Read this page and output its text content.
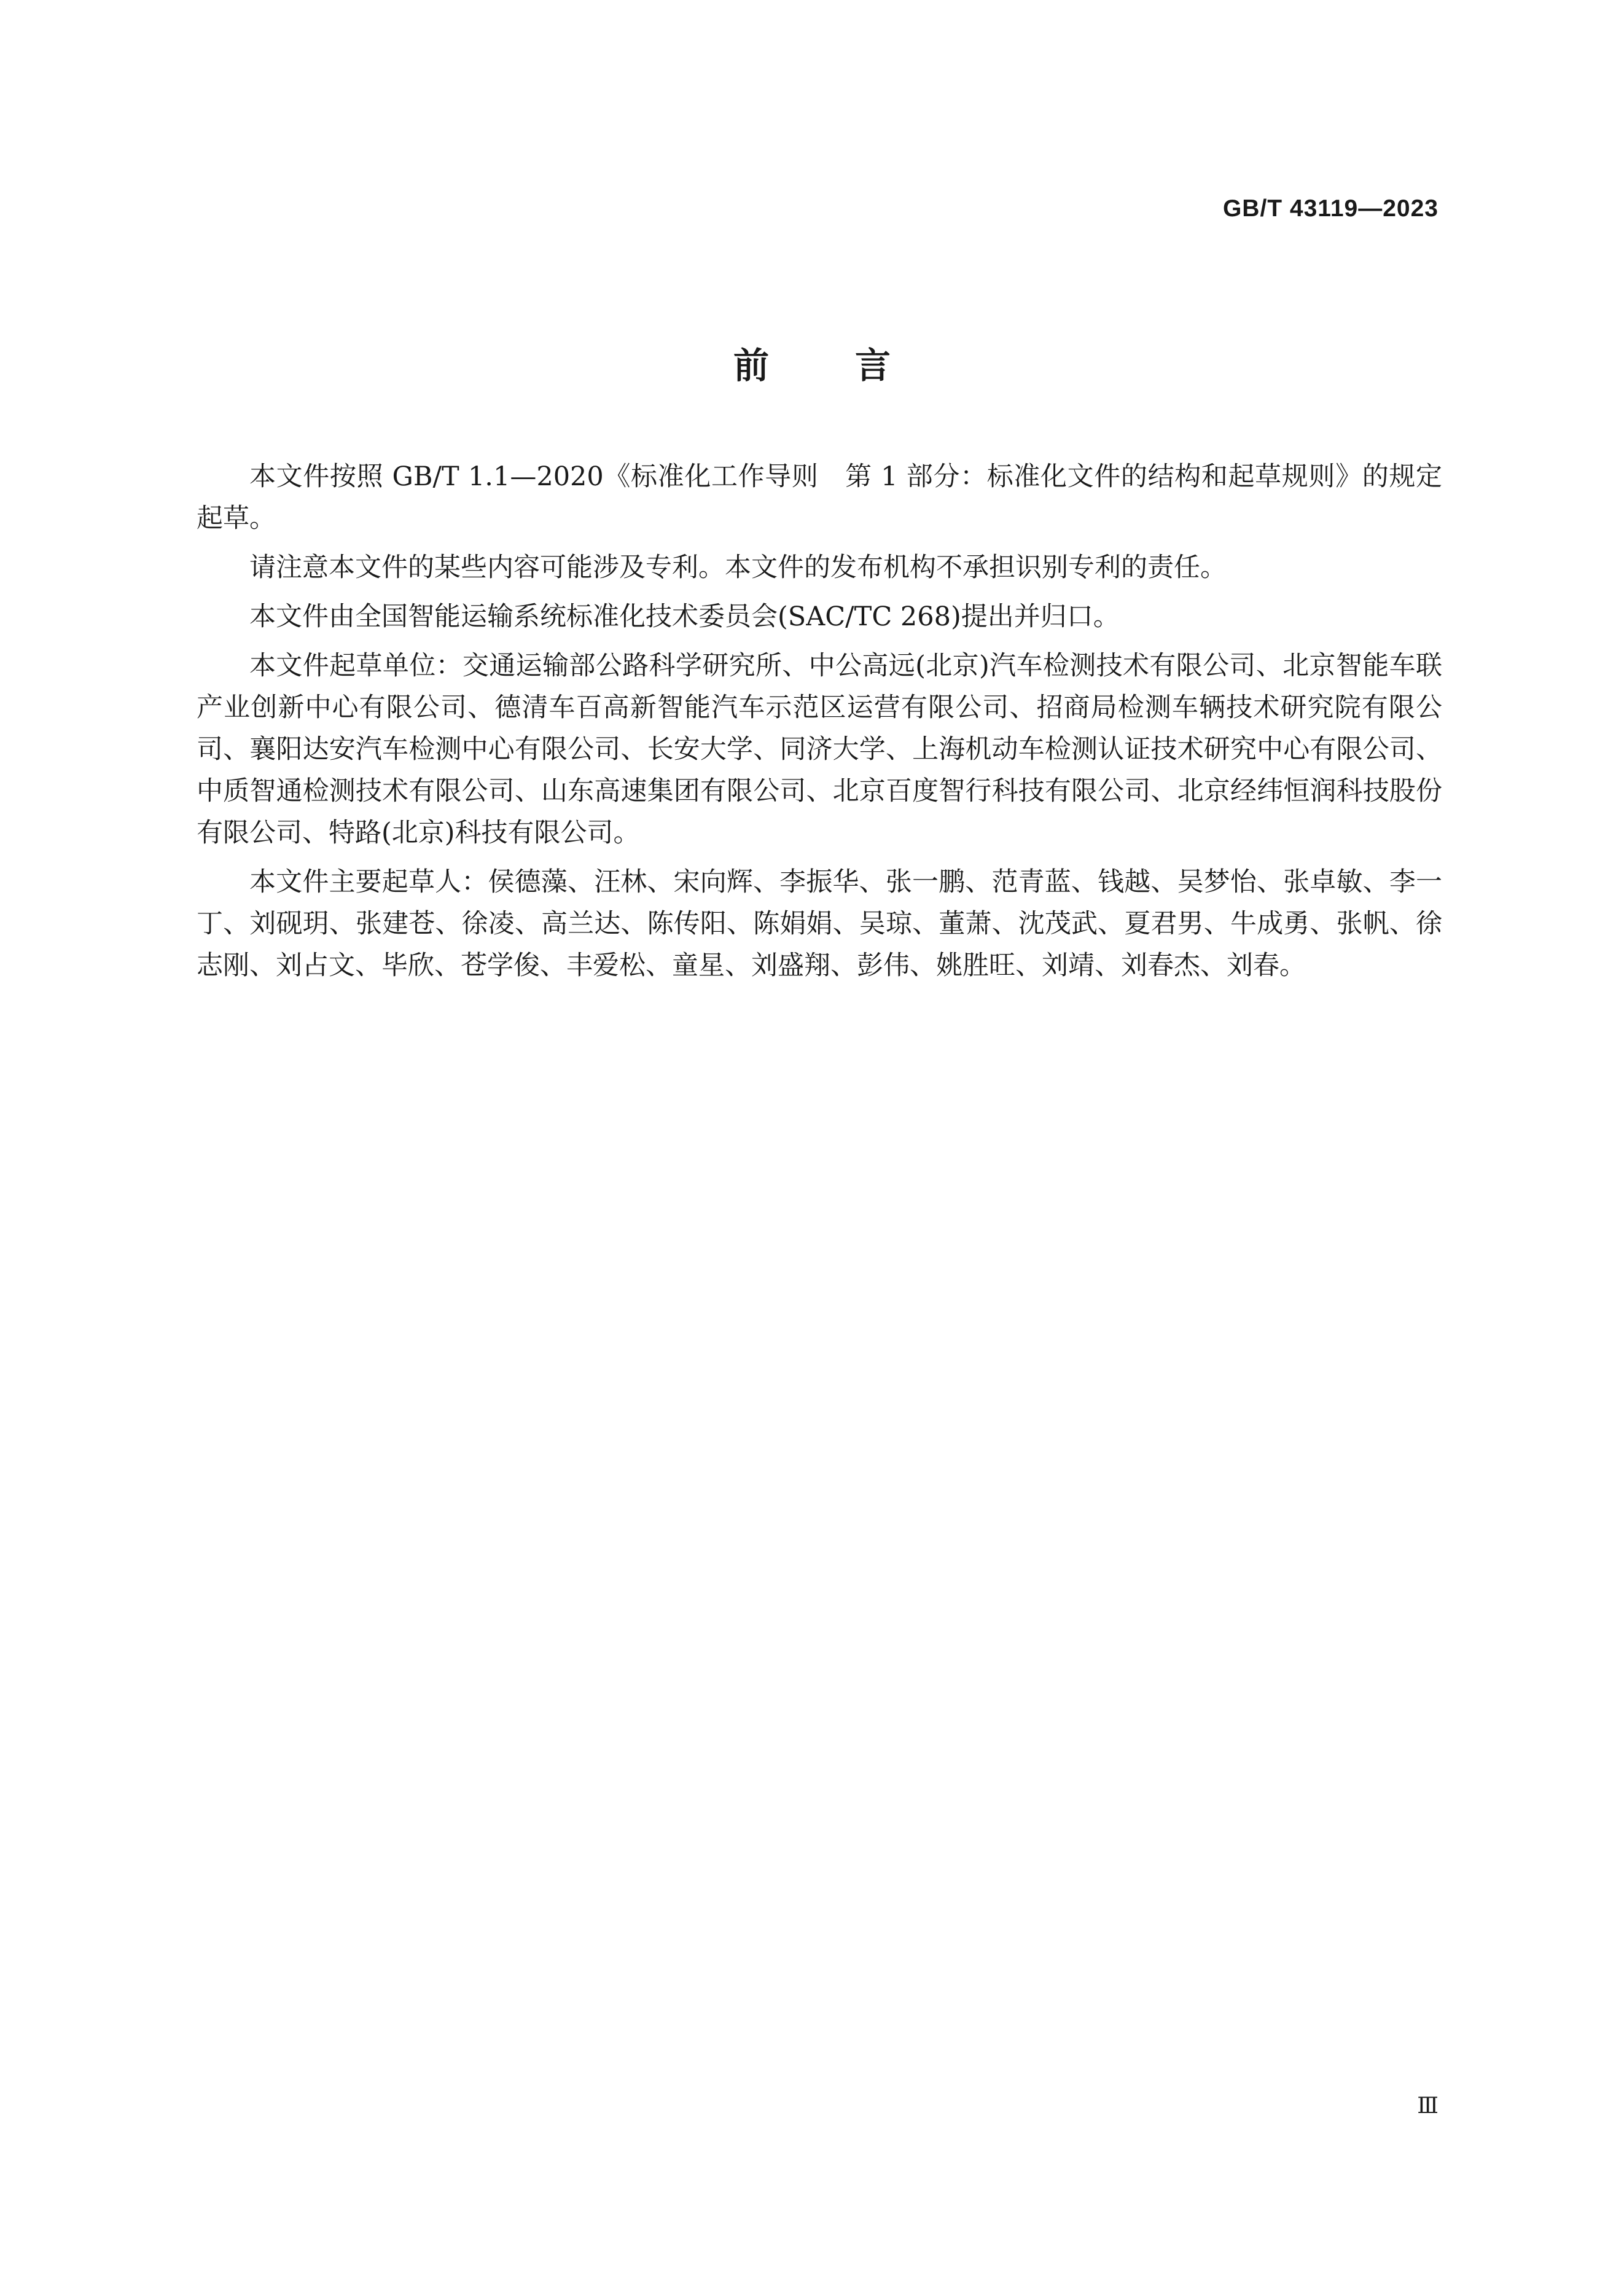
GB/T 43119—2023
前言

本文件按照 GB/T 1.1—2020《标准化工作导则　第 1 部分：标准化文件的结构和起草规则》的规定起草。

请注意本文件的某些内容可能涉及专利。本文件的发布机构不承担识别专利的责任。

本文件由全国智能运输系统标准化技术委员会(SAC/TC 268)提出并归口。

本文件起草单位：交通运输部公路科学研究所、中公高远(北京)汽车检测技术有限公司、北京智能车联产业创新中心有限公司、德清车百高新智能汽车示范区运营有限公司、招商局检测车辆技术研究院有限公司、襄阳达安汽车检测中心有限公司、长安大学、同济大学、上海机动车检测认证技术研究中心有限公司、中质智通检测技术有限公司、山东高速集团有限公司、北京百度智行科技有限公司、北京经纬恒润科技股份有限公司、特路(北京)科技有限公司。

本文件主要起草人：侯德藻、汪林、宋向辉、李振华、张一鹏、范青蓝、钱越、吴梦怡、张卓敏、李一丁、刘砚玥、张建苍、徐凌、高兰达、陈传阳、陈娟娟、吴琼、董萧、沈茂武、夏君男、牛成勇、张帆、徐志刚、刘占文、毕欣、苍学俊、丰爱松、童星、刘盛翔、彭伟、姚胜旺、刘靖、刘春杰、刘春。

Ⅲ
